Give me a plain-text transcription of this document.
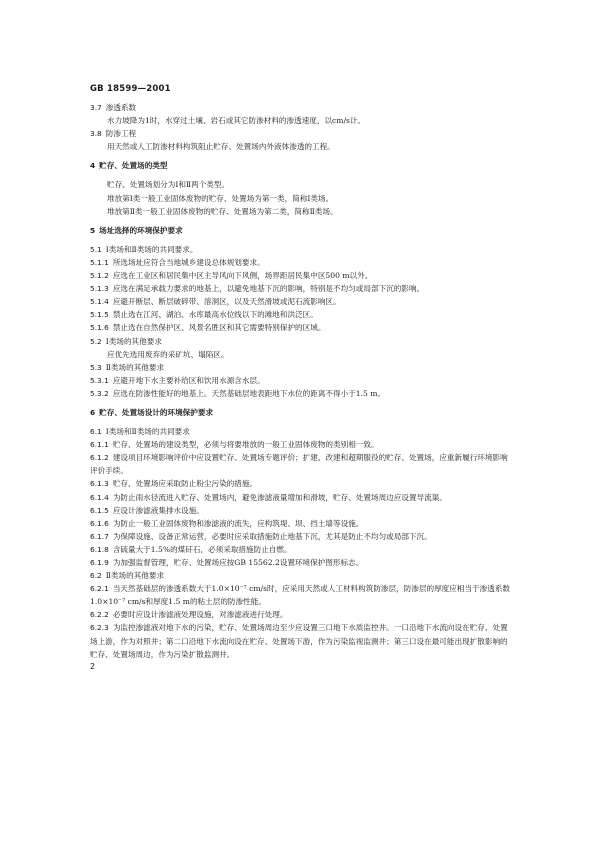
GB 18599—2001
3.7 渗透系数
水力坡降为1时，水穿过土壤、岩石或其它防渗材料的渗透速度，以cm/s计。
3.8 防渗工程
用天然或人工防渗材料构筑阻止贮存、处置场内外液体渗透的工程。
4 贮存、处置场的类型
贮存、处置场划分为Ⅰ和Ⅱ两个类型。
堆放第Ⅰ类一般工业固体废物的贮存、处置场为第一类，简称Ⅰ类场。
堆放第Ⅱ类一般工业固体废物的贮存、处置场为第二类，简称Ⅱ类场。
5 场址选择的环境保护要求
5.1 Ⅰ类场和Ⅱ类场的共同要求。
5.1.1 所选场址应符合当地城乡建设总体规划要求。
5.1.2 应选在工业区和居民集中区主导风向下风侧，场界距居民集中区500 m以外。
5.1.3 应选在满足承载力要求的地基上，以避免地基下沉的影响，特别是不均匀或局部下沉的影响。
5.1.4 应避开断层、断层破碎带、溶洞区，以及天然滑坡或泥石流影响区。
5.1.5 禁止选在江河、湖泊、水库最高水位线以下的滩地和洪泛区。
5.1.6 禁止选在自然保护区、风景名胜区和其它需要特别保护的区域。
5.2 Ⅰ类场的其他要求
应优先选用废弃的采矿坑、塌陷区。
5.3 Ⅱ类场的其他要求
5.3.1 应避开地下水主要补给区和饮用水源含水层。
5.3.2 应选在防渗性能好的地基上。天然基础层地表距地下水位的距离不得小于1.5 m。
6 贮存、处置场设计的环境保护要求
6.1 Ⅰ类场和Ⅱ类场的共同要求
6.1.1 贮存、处置场的建设类型，必须与将要堆放的一般工业固体废物的类别相一致。
6.1.2 建设项目环境影响评价中应设置贮存、处置场专题评价；扩建、改建和超期服役的贮存、处置场，应重新履行环境影响评价手续。
6.1.3 贮存、处置场应采取防止粉尘污染的措施。
6.1.4 为防止雨水径流进入贮存、处置场内，避免渗滤液量增加和滑坡，贮存、处置场周边应设置导流渠。
6.1.5 应设计渗滤液集排水设施。
6.1.6 为防止一般工业固体废物和渗滤液的流失，应构筑堤、坝、挡土墙等设施。
6.1.7 为保障设施、设备正常运营，必要时应采取措施防止地基下沉，尤其是防止不均匀或局部下沉。
6.1.8 含硫量大于1.5%的煤矸石，必须采取措施防止自燃。
6.1.9 为加强监督管理，贮存、处置场应按GB 15562.2设置环境保护图形标志。
6.2 Ⅱ类场的其他要求
6.2.1 当天然基础层的渗透系数大于1.0×10⁻⁷ cm/s时，应采用天然或人工材料构筑防渗层，防渗层的厚度应相当于渗透系数1.0×10⁻⁷ cm/s和厚度1.5 m的粘土层的防渗性能。
6.2.2 必要时应设计渗滤液处理设施，对渗滤液进行处理。
6.2.3 为监控渗滤液对地下水的污染，贮存、处置场周边至少应设置三口地下水质监控井。一口沿地下水流向设在贮存、处置场上游，作为对照井；第二口沿地下水流向设在贮存、处置场下游，作为污染监视监测井；第三口设在最可能出现扩散影响的贮存、处置场周边，作为污染扩散监测井。
2
